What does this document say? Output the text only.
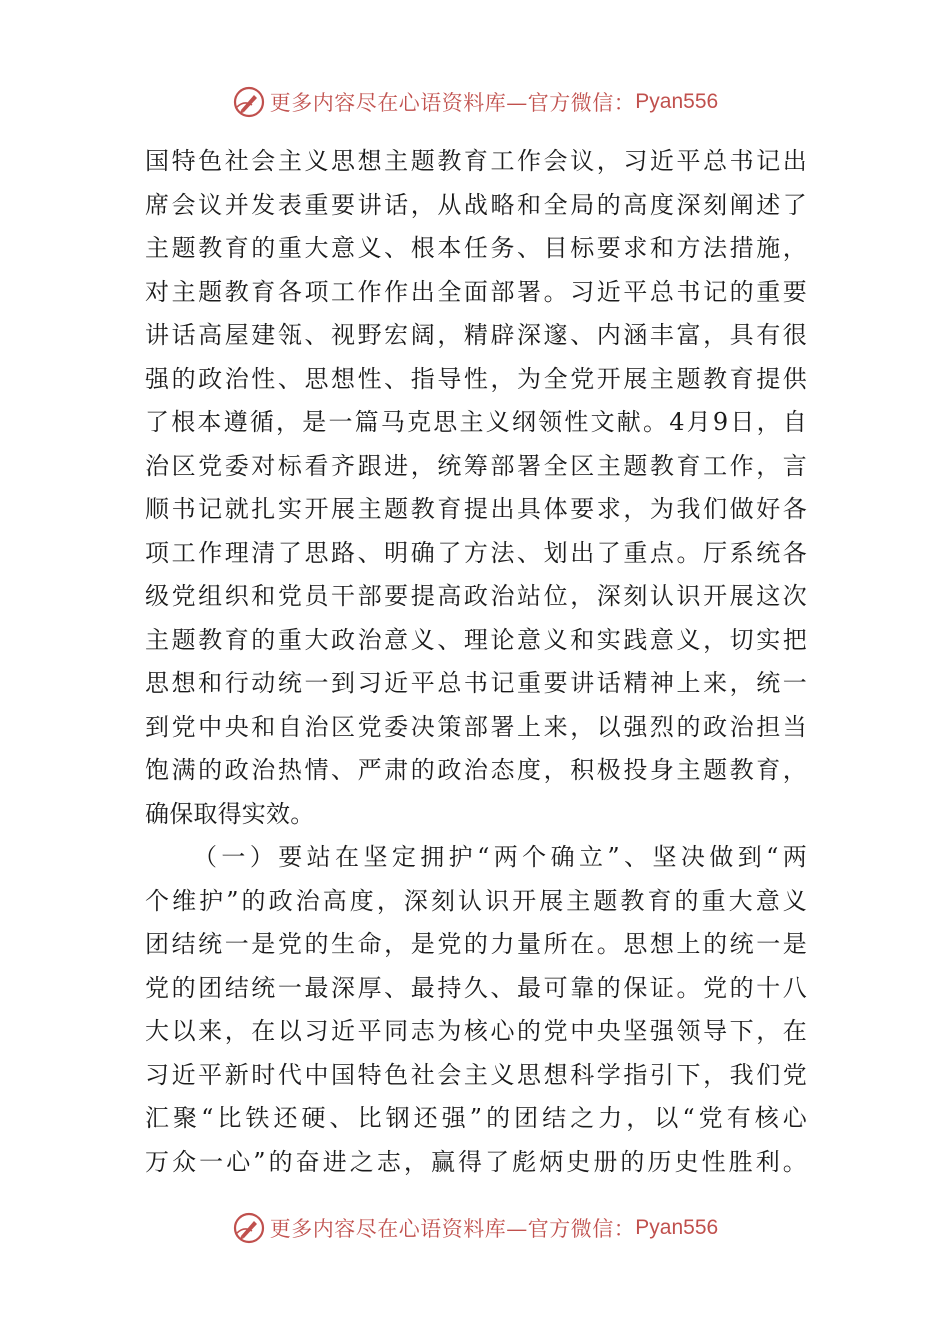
更多内容尽在心语资料库—官方微信： Pyan556
国特色社会主义思想主题教育工作会议，习近平总书记出
席会议并发表重要讲话，从战略和全局的高度深刻阐述了
主题教育的重大意义、根本任务、目标要求和方法措施，
对主题教育各项工作作出全面部署。习近平总书记的重要
讲话高屋建瓴、视野宏阔，精辟深邃、内涵丰富，具有很
强的政治性、思想性、指导性，为全党开展主题教育提供
了根本遵循，是一篇马克思主义纲领性文献。4月9日，自
治区党委对标看齐跟进，统筹部署全区主题教育工作，言
顺书记就扎实开展主题教育提出具体要求，为我们做好各
项工作理清了思路、明确了方法、划出了重点。厅系统各
级党组织和党员干部要提高政治站位，深刻认识开展这次
主题教育的重大政治意义、理论意义和实践意义，切实把
思想和行动统一到习近平总书记重要讲话精神上来，统一
到党中央和自治区党委决策部署上来，以强烈的政治担当
饱满的政治热情、严肃的政治态度，积极投身主题教育，
确保取得实效。
（一）要站在坚定拥护“两个确立”、坚决做到“两
个维护”的政治高度，深刻认识开展主题教育的重大意义
团结统一是党的生命，是党的力量所在。思想上的统一是
党的团结统一最深厚、最持久、最可靠的保证。党的十八
大以来，在以习近平同志为核心的党中央坚强领导下，在
习近平新时代中国特色社会主义思想科学指引下，我们党
汇聚“比铁还硬、比钢还强”的团结之力，以“党有核心
万众一心”的奋进之志，赢得了彪炳史册的历史性胜利。
更多内容尽在心语资料库—官方微信： Pyan556
